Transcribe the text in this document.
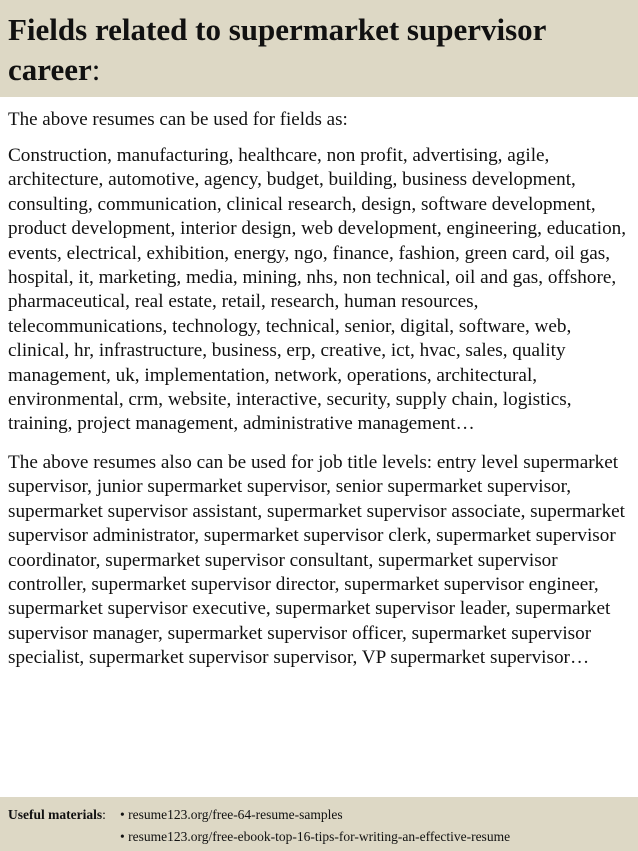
Fields related to supermarket supervisor career:

The above resumes can be used for fields as:

Construction, manufacturing, healthcare, non profit, advertising, agile, architecture, automotive, agency, budget, building, business development, consulting, communication, clinical research, design, software development, product development, interior design, web development, engineering, education, events, electrical, exhibition, energy, ngo, finance, fashion, green card, oil gas, hospital, it, marketing, media, mining, nhs, non technical, oil and gas, offshore, pharmaceutical, real estate, retail, research, human resources, telecommunications, technology, technical, senior, digital, software, web, clinical, hr, infrastructure, business, erp, creative, ict, hvac, sales, quality management, uk, implementation, network, operations, architectural, environmental, crm, website, interactive, security, supply chain, logistics, training, project management, administrative management…

The above resumes also can be used for job title levels: entry level supermarket supervisor, junior supermarket supervisor, senior supermarket supervisor, supermarket supervisor assistant, supermarket supervisor associate, supermarket supervisor administrator, supermarket supervisor clerk, supermarket supervisor coordinator, supermarket supervisor consultant, supermarket supervisor controller, supermarket supervisor director, supermarket supervisor engineer, supermarket supervisor executive, supermarket supervisor leader, supermarket supervisor manager, supermarket supervisor officer, supermarket supervisor specialist, supermarket supervisor supervisor, VP supermarket supervisor…

Useful materials:	• resume123.org/free-64-resume-samples
• resume123.org/free-ebook-top-16-tips-for-writing-an-effective-resume
